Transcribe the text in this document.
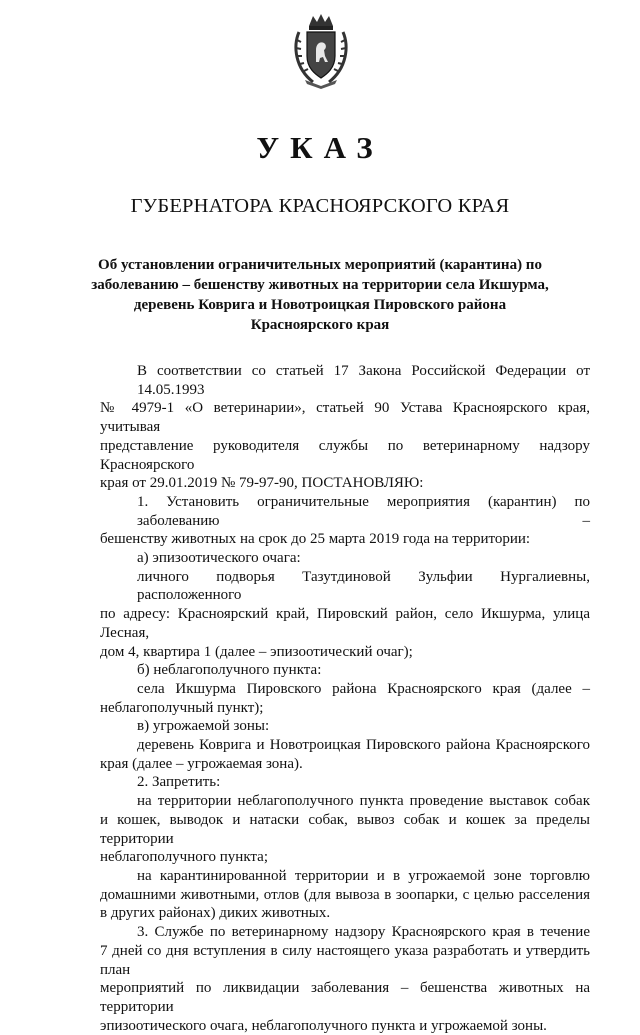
УКАЗ
ГУБЕРНАТОРА КРАСНОЯРСКОГО КРАЯ
Об установлении ограничительных мероприятий (карантина) по
заболеванию – бешенству животных на территории села Икшурма,
деревень Коврига и Новотроицкая Пировского района
Красноярского края
В соответствии со статьей 17 Закона Российской Федерации от 14.05.1993
№ 4979-1 «О ветеринарии», статьей 90 Устава Красноярского края, учитывая
представление руководителя службы по ветеринарному надзору Красноярского
края от 29.01.2019 № 79-97-90, ПОСТАНОВЛЯЮ:
1. Установить ограничительные мероприятия (карантин) по заболеванию –
бешенству животных на срок до 25 марта 2019 года на территории:
а) эпизоотического очага:
личного подворья Тазутдиновой Зульфии Нургалиевны, расположенного
по адресу: Красноярский край, Пировский район, село Икшурма, улица Лесная,
дом 4, квартира 1 (далее – эпизоотический очаг);
б) неблагополучного пункта:
села Икшурма Пировского района Красноярского края (далее –
неблагополучный пункт);
в) угрожаемой зоны:
деревень Коврига и Новотроицкая Пировского района Красноярского
края (далее – угрожаемая зона).
2. Запретить:
на территории неблагополучного пункта проведение выставок собак
и кошек, выводок и натаски собак, вывоз собак и кошек за пределы территории
неблагополучного пункта;
на карантинированной территории и в угрожаемой зоне торговлю
домашними животными, отлов (для вывоза в зоопарки, с целью расселения
в других районах) диких животных.
3. Службе по ветеринарному надзору Красноярского края в течение
7 дней со дня вступления в силу настоящего указа разработать и утвердить план
мероприятий по ликвидации заболевания – бешенства животных на территории
эпизоотического очага, неблагополучного пункта и угрожаемой зоны.
